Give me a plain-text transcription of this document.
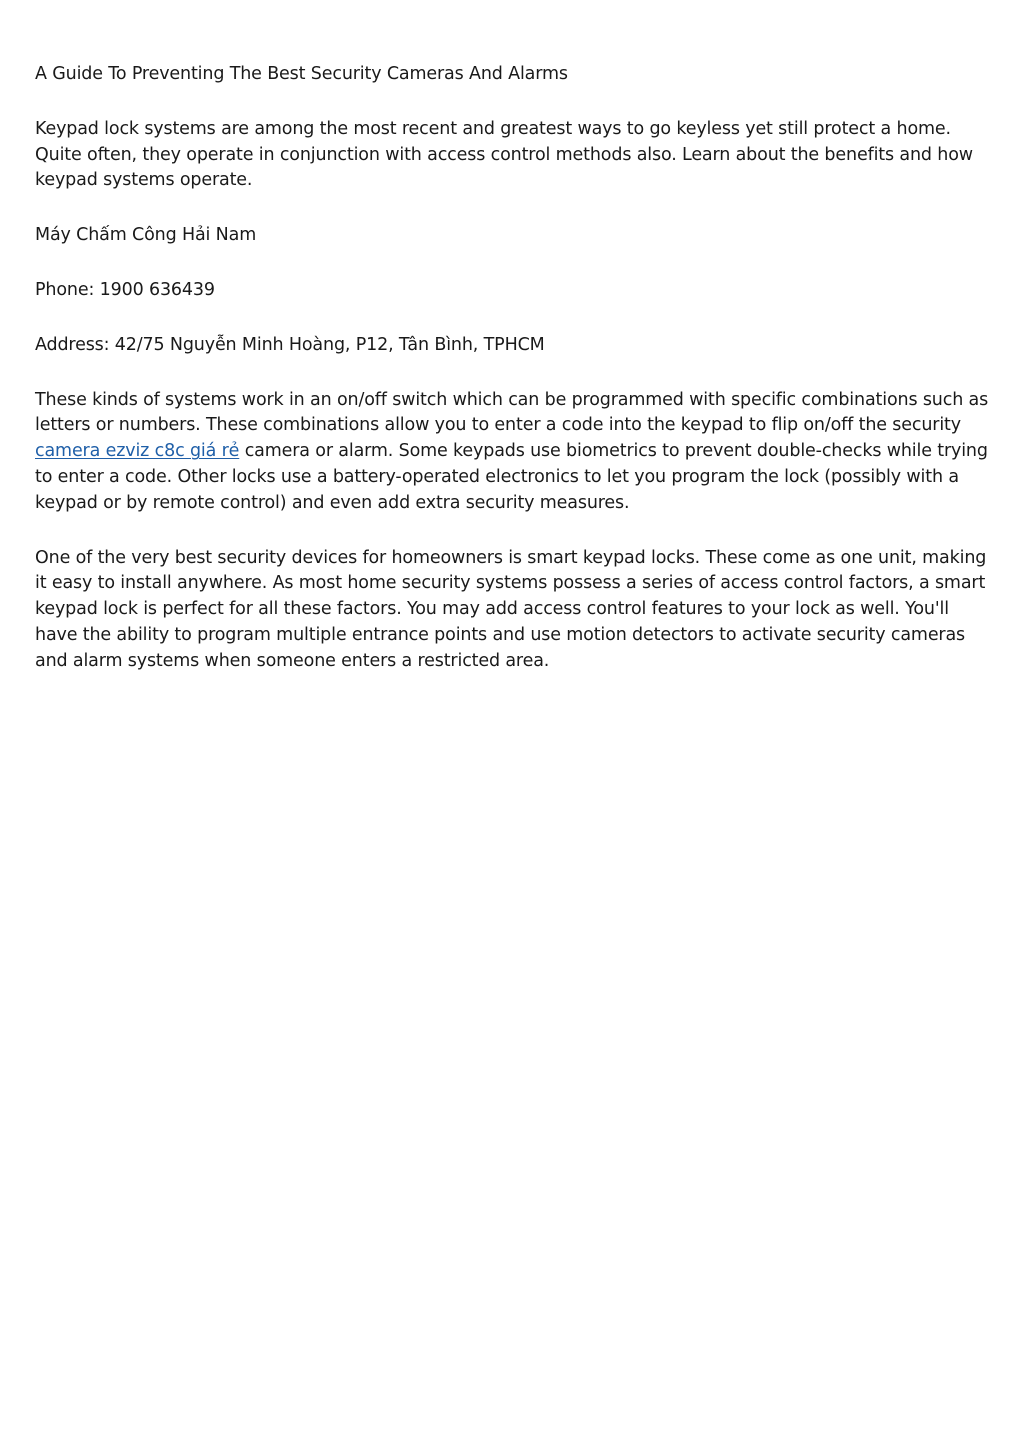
A Guide To Preventing The Best Security Cameras And Alarms

Keypad lock systems are among the most recent and greatest ways to go keyless yet still protect a home. Quite often, they operate in conjunction with access control methods also. Learn about the benefits and how keypad systems operate.

Máy Chấm Công Hải Nam

Phone: 1900 636439

Address: 42/75 Nguyễn Minh Hoàng, P12, Tân Bình, TPHCM

These kinds of systems work in an on/off switch which can be programmed with specific combinations such as letters or numbers. These combinations allow you to enter a code into the keypad to flip on/off the security camera ezviz c8c giá rẻ camera or alarm. Some keypads use biometrics to prevent double-checks while trying to enter a code. Other locks use a battery-operated electronics to let you program the lock (possibly with a keypad or by remote control) and even add extra security measures.

One of the very best security devices for homeowners is smart keypad locks. These come as one unit, making it easy to install anywhere. As most home security systems possess a series of access control factors, a smart keypad lock is perfect for all these factors. You may add access control features to your lock as well. You'll have the ability to program multiple entrance points and use motion detectors to activate security cameras and alarm systems when someone enters a restricted area.
